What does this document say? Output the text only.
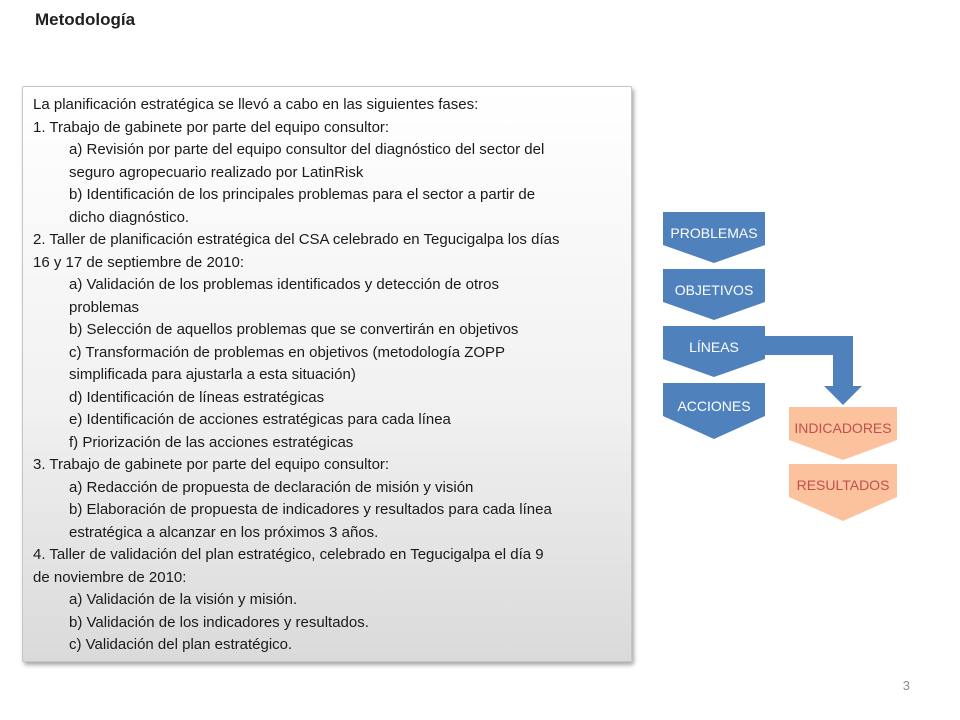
Metodología
La planificación estratégica se llevó a cabo en las siguientes fases:
1. Trabajo de gabinete por parte del equipo consultor:
a) Revisión por parte del equipo consultor del diagnóstico del sector del
seguro agropecuario realizado por LatinRisk
b) Identificación de los principales problemas para el sector a partir de
dicho diagnóstico.
2. Taller de planificación estratégica del CSA celebrado en Tegucigalpa los días
16 y 17 de septiembre de 2010:
a) Validación de los problemas identificados y detección de otros
problemas
b) Selección de aquellos problemas que se convertirán en objetivos
c) Transformación de problemas en objetivos (metodología ZOPP
simplificada para ajustarla a esta situación)
d) Identificación de líneas estratégicas
e) Identificación de acciones estratégicas para cada línea
f) Priorización de las acciones estratégicas
3. Trabajo de gabinete por parte del equipo consultor:
a) Redacción de propuesta de declaración de misión y visión
b) Elaboración de propuesta de indicadores y resultados para cada línea
estratégica a alcanzar en los próximos 3 años.
4. Taller de validación del plan estratégico, celebrado en Tegucigalpa el día 9
de noviembre de 2010:
a) Validación de la visión y misión.
b) Validación de los indicadores y resultados.
c) Validación del plan estratégico.
PROBLEMAS
OBJETIVOS
LÍNEAS
ACCIONES
INDICADORES
RESULTADOS
3
